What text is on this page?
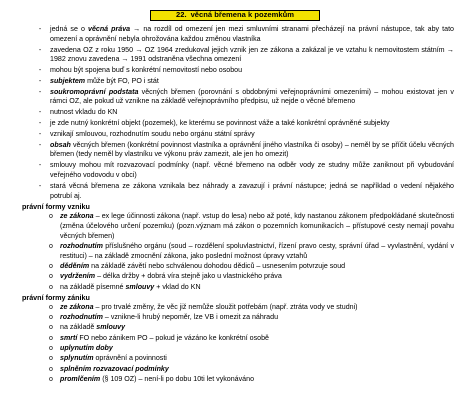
22. věcná břemena k pozemkům
-	jedná se o věcná práva → na rozdíl od omezení jen mezi smluvními stranami přecházejí na právní nástupce, tak aby tato omezení a oprávnění nebyla ohrožována každou změnou vlastníka
-	zavedena OZ z roku 1950 → OZ 1964 zredukoval jejich vznik jen ze zákona a zakázal je ve vztahu k nemovitostem státním → 1982 znovu zavedena → 1991 odstraněna všechna omezení
-	mohou být spojena buď s konkrétní nemovitostí nebo osobou
-	subjektem může být FO, PO i stát
-	soukromoprávní podstata věcných břemen (porovnání s obdobnými veřejnoprávními omezeními) – mohou existovat jen v rámci OZ, ale pokud už vznikne na základě veřejnoprávního předpisu, už nejde o věcné břemeno
-	nutnost vkladu do KN
-	je zde nutný konkrétní objekt (pozemek), ke kterému se povinnost váže a také konkrétní oprávněné subjekty
-	vznikají smlouvou, rozhodnutím soudu nebo orgánu státní správy
-	obsah věcných břemen (konkrétní povinnost vlastníka a oprávnění jiného vlastníka či osoby) – neměl by se příčit účelu věcných břemen (tedy neměl by vlastníku ve výkonu práv zamezit, ale jen ho omezit)
-	smlouvy mohou mít rozvazovací podmínky (např. věcné břemeno na odběr vody ze studny může zaniknout při vybudování veřejného vodovodu v obci)
-	stará věcná břemena ze zákona vznikala bez náhrady a zavazují i právní nástupce; jedná se například o vedení nějakého potrubí aj.
právní formy vzniku
o ze zákona – ex lege účinnosti zákona (např. vstup do lesa) nebo až poté, kdy nastanou zákonem předpokládané skutečnosti (změna účelového určení pozemku) (pozn.význam má zákon o pozemních komunikacích – přístupové cesty nemají povahu věcných břemen)
o rozhodnutím příslušného orgánu (soud – rozdělení spoluvlastnictví, řízení pravo cesty, správní úřad – vyvlastnění, vydání v restituci) – na základě zmocnění zákona, jako poslední možnost úpravy vztahů
o děděním na základě závětí nebo schválenou dohodou dědiců – usnesením potvrzuje soud
o vydržením – délka držby + dobrá víra stejně jako u vlastnického práva
o na základě písemné smlouvy + vklad do KN
právní formy zániku
o ze zákona – pro trvalé změny, že věc již nemůže sloužit potřebám (např. ztráta vody ve studni)
o rozhodnutím – vznikne-li hrubý nepoměr, lze VB i omezit za náhradu
o na základě smlouvy
o smrtí FO nebo zánikem PO – pokud je vázáno ke konkrétní osobě
o uplynutím doby
o splynutím oprávnění a povinnosti
o splněním rozvazovací podmínky
o promlčením (§ 109 OZ) – není-li po dobu 10ti let vykonáváno
